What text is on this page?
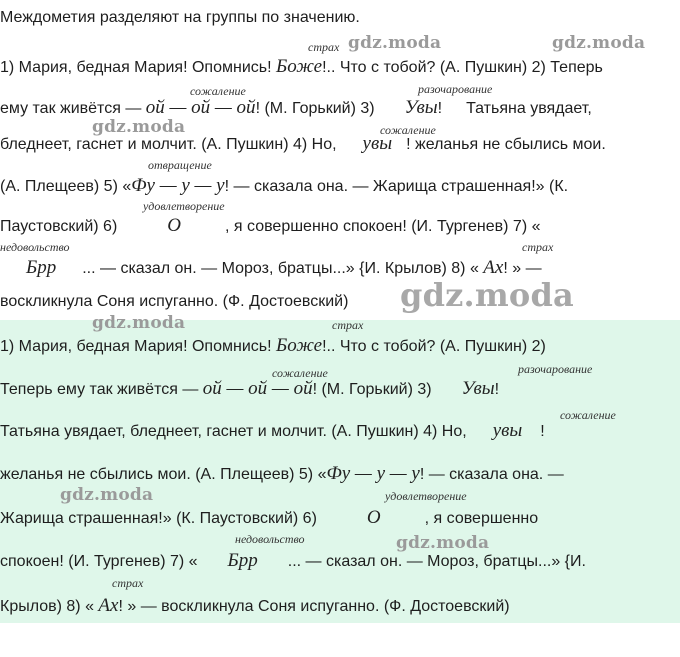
Междометия разделяют на группы по значению.
страх
1) Мария, бедная Мария! Опомнись! Боже!.. Что с тобой? (А. Пушкин) 2) Теперь
сожаление	разочарование
ему так живётся — ой — ой — ой! (М. Горький) 3) Увы! Татьяна увядает,
сожаление
бледнеет, гаснет и молчит. (А. Пушкин) 4) Но, увы ! желанья не сбылись мои.
отвращение
(А. Плещеев) 5) «Фу — у — у! — сказала она. — Жарища страшенная!» (К.
удовлетворение
Паустовский) 6)	О	, я совершенно спокоен! (И. Тургенев) 7) «
недовольство	страх
Брр ... — сказал он. — Мороз, братцы...» {И. Крылов) 8) « Ах! » —
воскликнула Соня испуганно. (Ф. Достоевский)
страх
1) Мария, бедная Мария! Опомнись! Боже!.. Что с тобой? (А. Пушкин) 2)
сожаление	разочарование
Теперь ему так живётся — ой — ой — ой! (М. Горький) 3) Увы!
сожаление
Татьяна увядает, бледнеет, гаснет и молчит. (А. Пушкин) 4) Но, увы !
желанья не сбылись мои. (А. Плещеев) 5) «Фу — у — у! — сказала она. —
удовлетворение
Жарища страшенная!» (К. Паустовский) 6)	О	, я совершенно
недовольство
спокоен! (И. Тургенев) 7) « Брр ... — сказал он. — Мороз, братцы...» {И.
страх
Крылов) 8) « Ах! » — воскликнула Соня испуганно. (Ф. Достоевский)
gdz.moda	gdz.moda
gdz.moda
gdz.moda
gdz.moda
gdz.moda
gdz.moda
